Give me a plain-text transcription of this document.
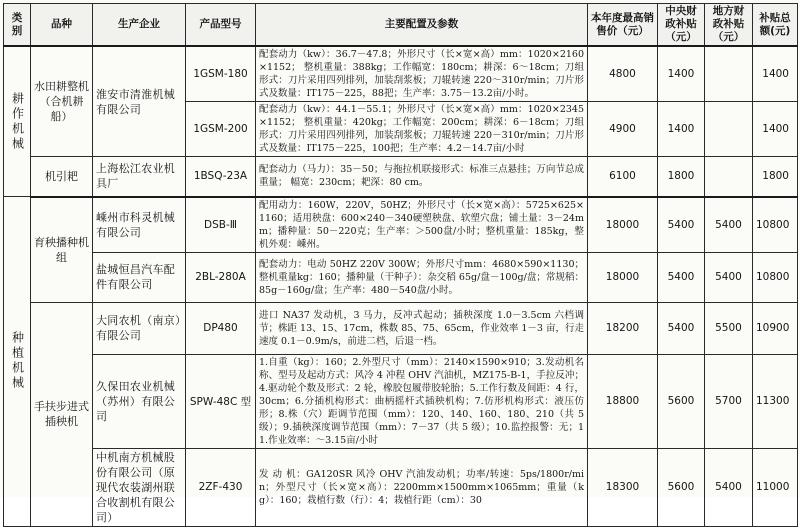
类别	品种	生产企业	产品型号	主要配置及参数	本年度最高销售价（元）	中央财政补贴（元）	地方财政补贴（元）	补贴总额(元)
耕作机械	水田耕整机（合机耕船）	淮安市清淮机械有限公司	1GSM-180	配套动力（kw）：36.7－47.8；外形尺寸（长×宽×高）mm：1020×2160×1152； 整机重量：388kg；工作幅宽：180cm；耕深：6～18cm；刀组形式：刀片采用四列排列，加装刮浆板；刀辊转速 220～310r/min；刀片形式及数量：IT175－225，88把；生产率：3.75－13.2亩/小时。	4800	1400		1400
			1GSM-200	配套动力（kw）：44.1－55.1；外形尺寸（长×宽×高）mm：1020×2345×1152； 整机重量：420kg；工作幅宽：200cm；耕深：6－18cm；刀组形式：刀片采用四列排列，加装刮浆板；刀辊转速 220－310r/min；刀片形式及数量：IT175－225，100把；生产率：4.2－14.7亩/小时	4900	1400		1400
	机引耙	上海松江农业机具厂	1BSQ-23A	配套动力（马力）：35－50；与拖拉机联接形式：标准三点悬挂；万向节总成重量； 幅宽：230cm；耙深：80 cm。	6100	1800		1800
种植机械	育秧播种机组	嵊州市科灵机械有限公司	DSB-Ⅲ	配用动力：160W，220V，50HZ；外形尺寸（长×宽×高）：5725×625×1160；适用秧盘：600×240－340硬塑秧盘、软塑穴盘；铺土量：3－24mm；播种量：50－220克；生产率：＞500盘/小时；整机重量：185kg，整机外观：嵊州。	18000	5400	5400	10800
		盐城恒昌汽车配件有限公司	2BL-280A	配套动力：电动 50HZ 220V 300W；外形尺寸mm：4680×590×1130；整机重量kg：160；播种量（干种子）：杂交稻 65g/盘－100g/盘；常规稻：85g－160g/盘；生产率：480－540盘/小时。	18000	5400	5400	10800
	手扶步进式插秧机	大同农机（南京）有限公司	DP480	进口 NA37 发动机，3 马力，反冲式起动；插秧深度 1.0－3.5cm 六档调节；株距 13、15、17cm，株数 85、75、65cm，作业效率 1－3 亩，行走速度 0.1－0.9m/s，前进二档，后退一档。	18200	5400	5500	10900
		久保田农业机械（苏州）有限公司	SPW-48C 型	1.自重（kg）：160；2.外型尺寸（mm）：2140×1590×910；3.发动机名称、型号及起动方式：风冷 4 冲程 OHV 汽油机，MZ175-B-1，手拉反冲；4.驱动轮个数及形式：2 轮，橡胶包履带胶轮胎；5.工作行数及间距：4 行，30cm；6.分插机构形式：曲柄摇杆式插秧机构；7.仿形机构形式：液压仿形；8.株（穴）距调节范围（mm）：120、140、160、180、210（共 5 级）；9.插秧深度调节范围（mm）：7－37（共 5 级）；10.监控报警：无；11.作业效率：～3.15亩/小时	18800	5600	5700	11300
		中机南方机械股份有限公司（原现代农装湖州联合收割机有限公司）	2ZF-430	发 动 机：GA120SR 风冷 OHV 汽油发动机；功率/转速：5ps/1800r/min；外型尺寸（长×宽×高）：2200mm×1500mm×1065mm；重量（kg）：160；栽植行数（行）：4；栽植行距（cm）：30	18300	5600	5400	11000
